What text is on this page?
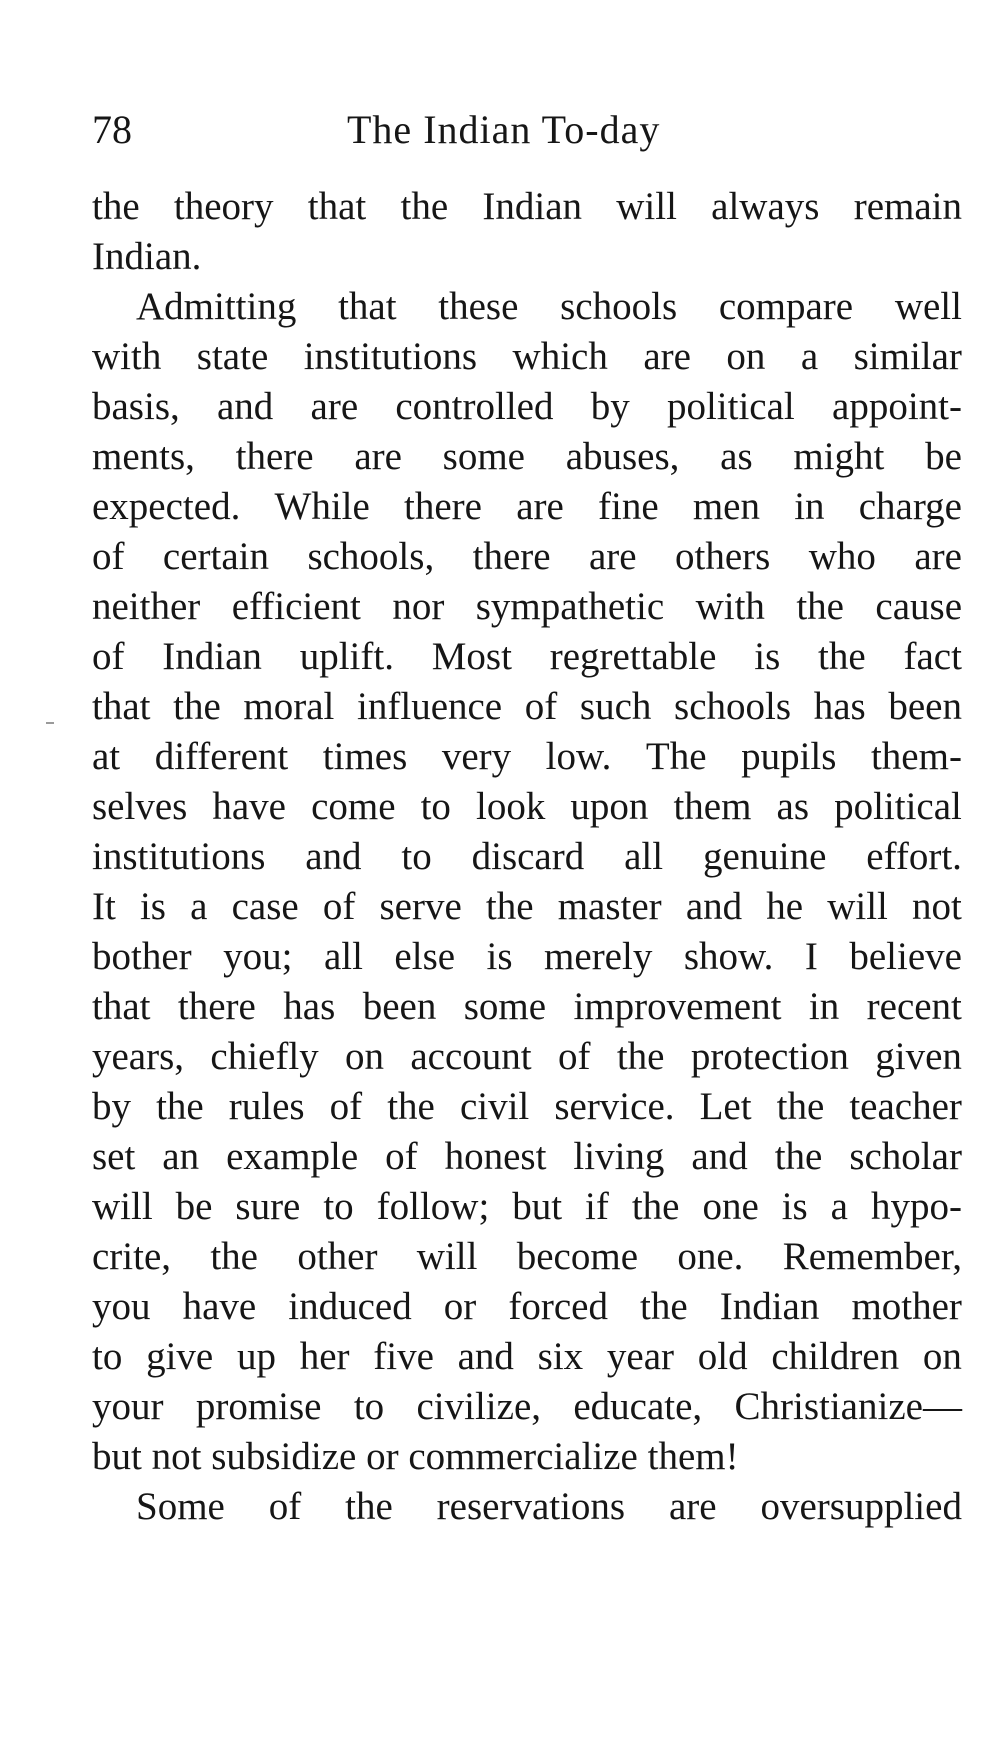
78	The Indian To-day
the theory that the Indian will always remain
Indian.
Admitting that these schools compare well
with state institutions which are on a similar
basis, and are controlled by political appoint-
ments, there are some abuses, as might be
expected. While there are fine men in charge
of certain schools, there are others who are
neither efficient nor sympathetic with the cause
of Indian uplift. Most regrettable is the fact
that the moral influence of such schools has been
at different times very low. The pupils them-
selves have come to look upon them as political
institutions and to discard all genuine effort.
It is a case of serve the master and he will not
bother you; all else is merely show. I believe
that there has been some improvement in recent
years, chiefly on account of the protection given
by the rules of the civil service. Let the teacher
set an example of honest living and the scholar
will be sure to follow; but if the one is a hypo-
crite, the other will become one. Remember,
you have induced or forced the Indian mother
to give up her five and six year old children on
your promise to civilize, educate, Christianize—
but not subsidize or commercialize them!
Some of the reservations are oversupplied
